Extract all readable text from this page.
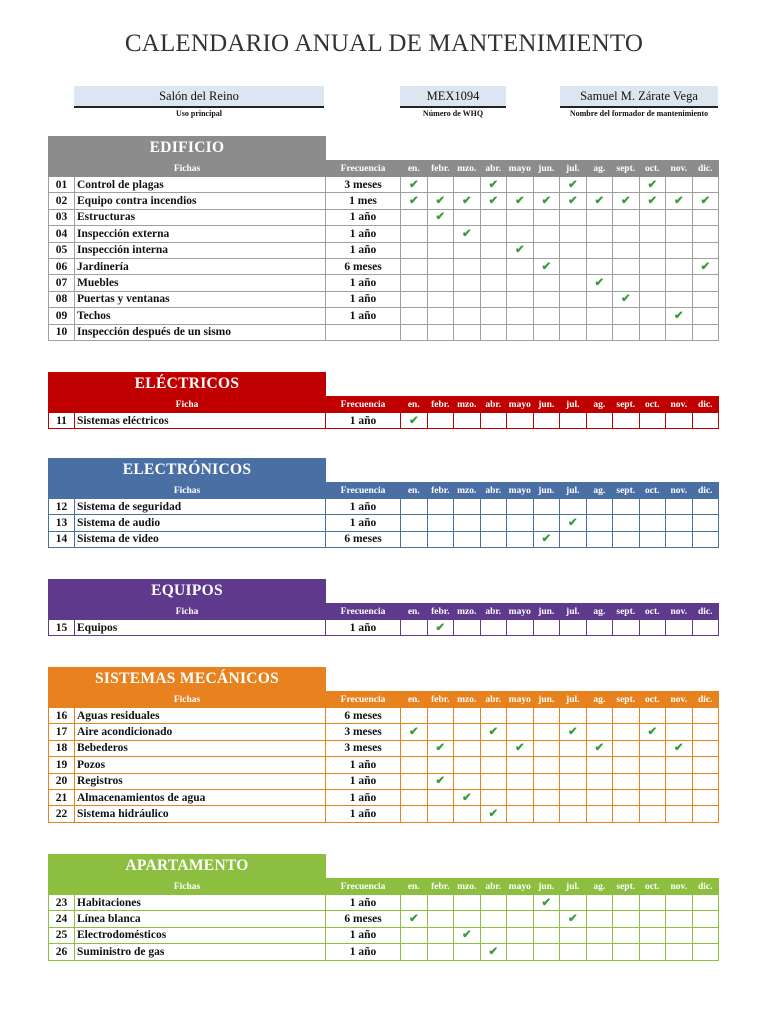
CALENDARIO ANUAL DE MANTENIMIENTO
Salón del Reino
Uso principal
MEX1094
Número de WHQ
Samuel M. Zárate Vega
Nombre del formador de mantenimiento
EDIFICIO
Fichas		Frecuencia	en.	febr.	mzo.	abr.	mayo	jun.	jul.	ag.	sept.	oct.	nov.	dic.
01	Control de plagas	3 meses	✔			✔			✔			✔		
02	Equipo contra incendios	1 mes	✔	✔	✔	✔	✔	✔	✔	✔	✔	✔	✔	✔
03	Estructuras	1 año		✔										
04	Inspección externa	1 año			✔									
05	Inspección interna	1 año					✔							
06	Jardinería	6 meses						✔						✔
07	Muebles	1 año								✔				
08	Puertas y ventanas	1 año									✔			
09	Techos	1 año											✔	
10	Inspección después de un sismo													
ELÉCTRICOS
Ficha		Frecuencia	en.	febr.	mzo.	abr.	mayo	jun.	jul.	ag.	sept.	oct.	nov.	dic.
11	Sistemas eléctricos	1 año	✔											
ELECTRÓNICOS
Fichas		Frecuencia	en.	febr.	mzo.	abr.	mayo	jun.	jul.	ag.	sept.	oct.	nov.	dic.
12	Sistema de seguridad	1 año												
13	Sistema de audio	1 año							✔					
14	Sistema de video	6 meses						✔						
EQUIPOS
Ficha		Frecuencia	en.	febr.	mzo.	abr.	mayo	jun.	jul.	ag.	sept.	oct.	nov.	dic.
15	Equipos	1 año		✔										
SISTEMAS MECÁNICOS
Fichas		Frecuencia	en.	febr.	mzo.	abr.	mayo	jun.	jul.	ag.	sept.	oct.	nov.	dic.
16	Aguas residuales	6 meses												
17	Aire acondicionado	3 meses	✔			✔			✔			✔		
18	Bebederos	3 meses		✔			✔			✔			✔	
19	Pozos	1 año												
20	Registros	1 año		✔										
21	Almacenamientos de agua	1 año			✔									
22	Sistema hidráulico	1 año				✔								
APARTAMENTO
Fichas		Frecuencia	en.	febr.	mzo.	abr.	mayo	jun.	jul.	ag.	sept.	oct.	nov.	dic.
23	Habitaciones	1 año						✔						
24	Línea blanca	6 meses	✔						✔					
25	Electrodomésticos	1 año			✔									
26	Suministro de gas	1 año				✔								
